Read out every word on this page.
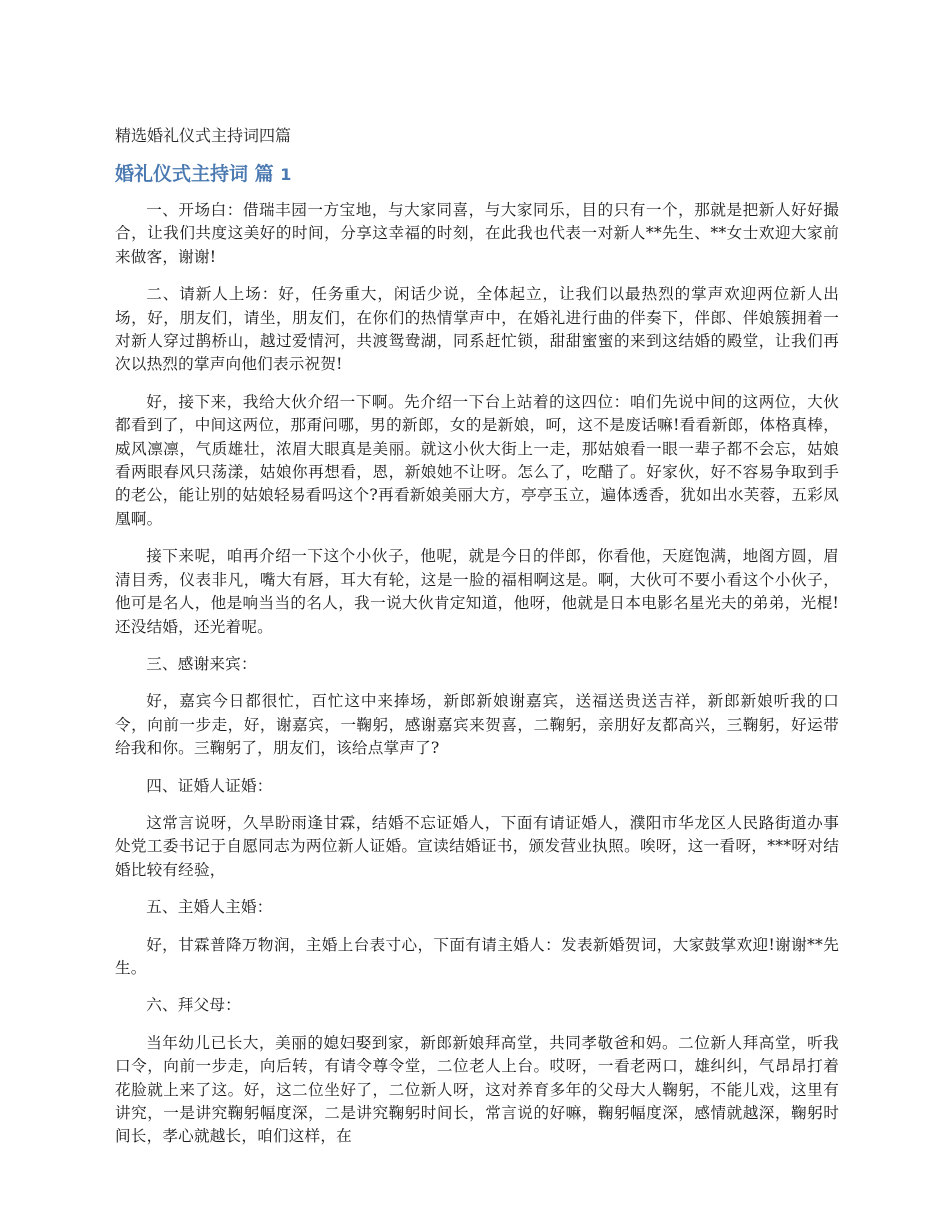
精选婚礼仪式主持词四篇
婚礼仪式主持词 篇 1

一、开场白：借瑞丰园一方宝地，与大家同喜，与大家同乐，目的只有一个，那就是把新人好好撮合，让我们共度这美好的时间，分享这幸福的时刻，在此我也代表一对新人**先生、**女士欢迎大家前来做客，谢谢!

二、请新人上场：好，任务重大，闲话少说，全体起立，让我们以最热烈的掌声欢迎两位新人出场，好，朋友们，请坐，朋友们，在你们的热情掌声中，在婚礼进行曲的伴奏下，伴郎、伴娘簇拥着一对新人穿过鹊桥山，越过爱情河，共渡鸳鸯湖，同系赶忙锁，甜甜蜜蜜的来到这结婚的殿堂，让我们再次以热烈的掌声向他们表示祝贺!

好，接下来，我给大伙介绍一下啊。先介绍一下台上站着的这四位：咱们先说中间的这两位，大伙都看到了，中间这两位，那甭问哪，男的新郎，女的是新娘，呵，这不是废话嘛!看看新郎，体格真棒，威风凛凛，气质雄壮，浓眉大眼真是美丽。就这小伙大街上一走，那姑娘看一眼一辈子都不会忘，姑娘看两眼春风只荡漾，姑娘你再想看，恩，新娘她不让呀。怎么了，吃醋了。好家伙，好不容易争取到手的老公，能让别的姑娘轻易看吗这个?再看新娘美丽大方，亭亭玉立，遍体透香，犹如出水芙蓉，五彩凤凰啊。

接下来呢，咱再介绍一下这个小伙子，他呢，就是今日的伴郎，你看他，天庭饱满，地阁方圆，眉清目秀，仪表非凡，嘴大有唇，耳大有轮，这是一脸的福相啊这是。啊，大伙可不要小看这个小伙子，他可是名人，他是响当当的名人，我一说大伙肯定知道，他呀，他就是日本电影名星光夫的弟弟，光棍!还没结婚，还光着呢。

三、感谢来宾：

好，嘉宾今日都很忙，百忙这中来捧场，新郎新娘谢嘉宾，送福送贵送吉祥，新郎新娘听我的口令，向前一步走，好，谢嘉宾，一鞠躬，感谢嘉宾来贺喜，二鞠躬，亲朋好友都高兴，三鞠躬，好运带给我和你。三鞠躬了，朋友们，该给点掌声了?

四、证婚人证婚：

这常言说呀，久旱盼雨逢甘霖，结婚不忘证婚人，下面有请证婚人，濮阳市华龙区人民路街道办事处党工委书记于自愿同志为两位新人证婚。宣读结婚证书，颁发营业执照。唉呀，这一看呀，***呀对结婚比较有经验，

五、主婚人主婚：

好，甘霖普降万物润，主婚上台表寸心，下面有请主婚人：发表新婚贺词，大家鼓掌欢迎!谢谢**先生。

六、拜父母：

当年幼儿已长大，美丽的媳妇娶到家，新郎新娘拜高堂，共同孝敬爸和妈。二位新人拜高堂，听我口令，向前一步走，向后转，有请令尊令堂，二位老人上台。哎呀，一看老两口，雄纠纠，气昂昂打着花脸就上来了这。好，这二位坐好了，二位新人呀，这对养育多年的父母大人鞠躬，不能儿戏，这里有讲究，一是讲究鞠躬幅度深，二是讲究鞠躬时间长，常言说的好嘛，鞠躬幅度深，感情就越深，鞠躬时间长，孝心就越长，咱们这样，在
